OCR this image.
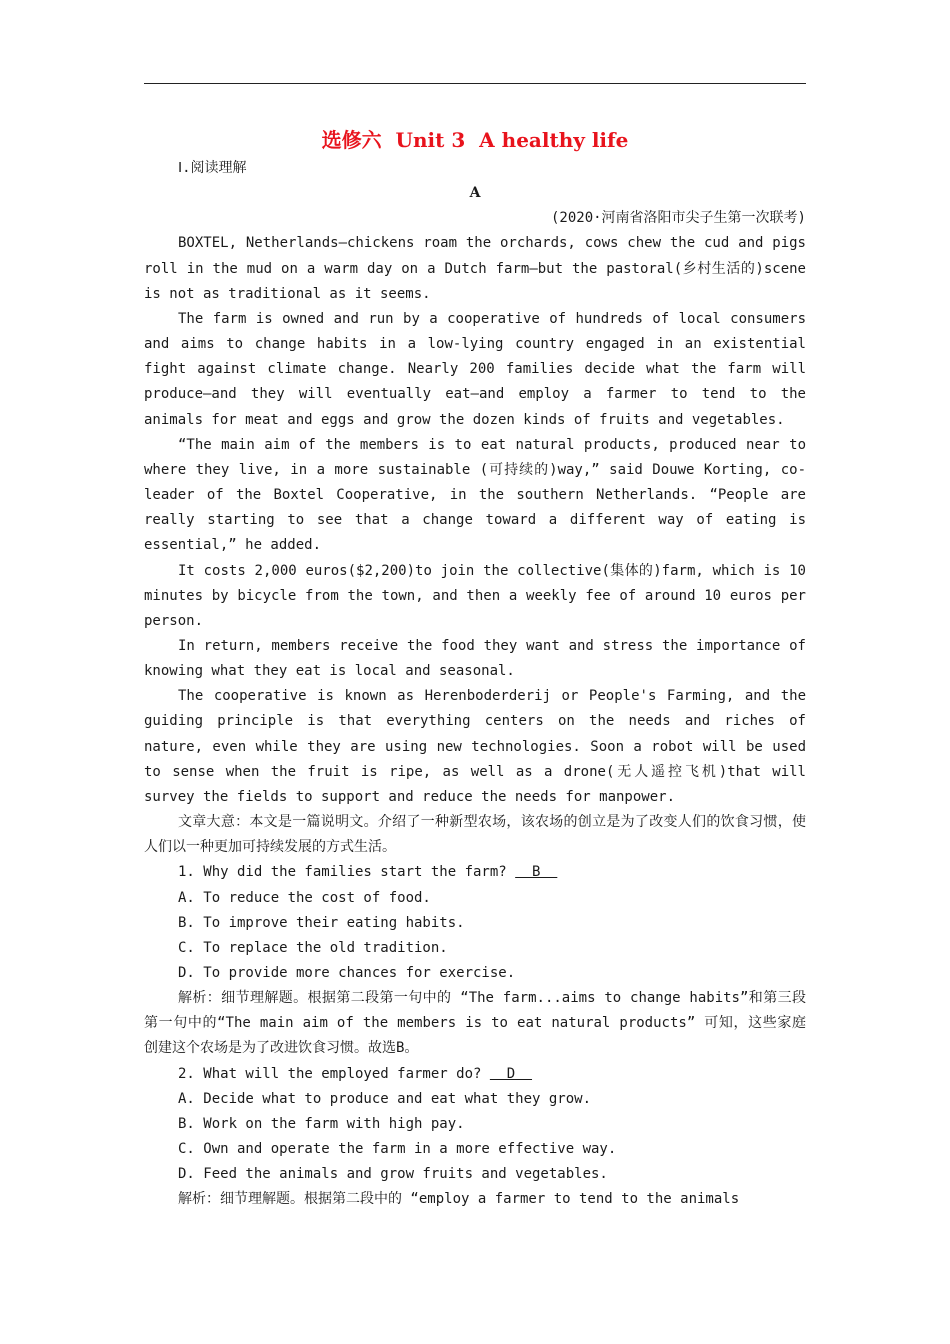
选修六  Unit 3  A healthy life

Ⅰ.阅读理解

A

(2020·河南省洛阳市尖子生第一次联考)

BOXTEL, Netherlands—chickens roam the orchards, cows chew the cud and pigs roll in the mud on a warm day on a Dutch farm—but the pastoral(乡村生活的)scene is not as traditional as it seems.

The farm is owned and run by a cooperative of hundreds of local consumers and aims to change habits in a low-lying country engaged in an existential fight against climate change. Nearly 200 families decide what the farm will produce—and they will eventually eat—and employ a farmer to tend to the animals for meat and eggs and grow the dozen kinds of fruits and vegetables.

“The main aim of the members is to eat natural products, produced near to where they live, in a more sustainable (可持续的)way,” said Douwe Korting, co-leader of the Boxtel Cooperative, in the southern Netherlands. “People are really starting to see that a change toward a different way of eating is essential,” he added.

It costs 2,000 euros($2,200)to join the collective(集体的)farm, which is 10 minutes by bicycle from the town, and then a weekly fee of around 10 euros per person.

In return, members receive the food they want and stress the importance of knowing what they eat is local and seasonal.

The cooperative is known as Herenboderderij or People's Farming, and the guiding principle is that everything centers on the needs and riches of nature, even while they are using new technologies. Soon a robot will be used to sense when the fruit is ripe, as well as a drone(无人遥控飞机)that will survey the fields to support and reduce the needs for manpower.

文章大意：本文是一篇说明文。介绍了一种新型农场，该农场的创立是为了改变人们的饮食习惯，使人们以一种更加可持续发展的方式生活。

1. Why did the families start the farm?   B

A. To reduce the cost of food.

B. To improve their eating habits.

C. To replace the old tradition.

D. To provide more chances for exercise.

解析：细节理解题。根据第二段第一句中的 “The farm...aims to change habits”和第三段第一句中的“The main aim of the members is to eat natural products” 可知，这些家庭创建这个农场是为了改进饮食习惯。故选B。

2. What will the employed farmer do?   D

A. Decide what to produce and eat what they grow.

B. Work on the farm with high pay.

C. Own and operate the farm in a more effective way.

D. Feed the animals and grow fruits and vegetables.

解析：细节理解题。根据第二段中的 “employ a farmer to tend to the animals
